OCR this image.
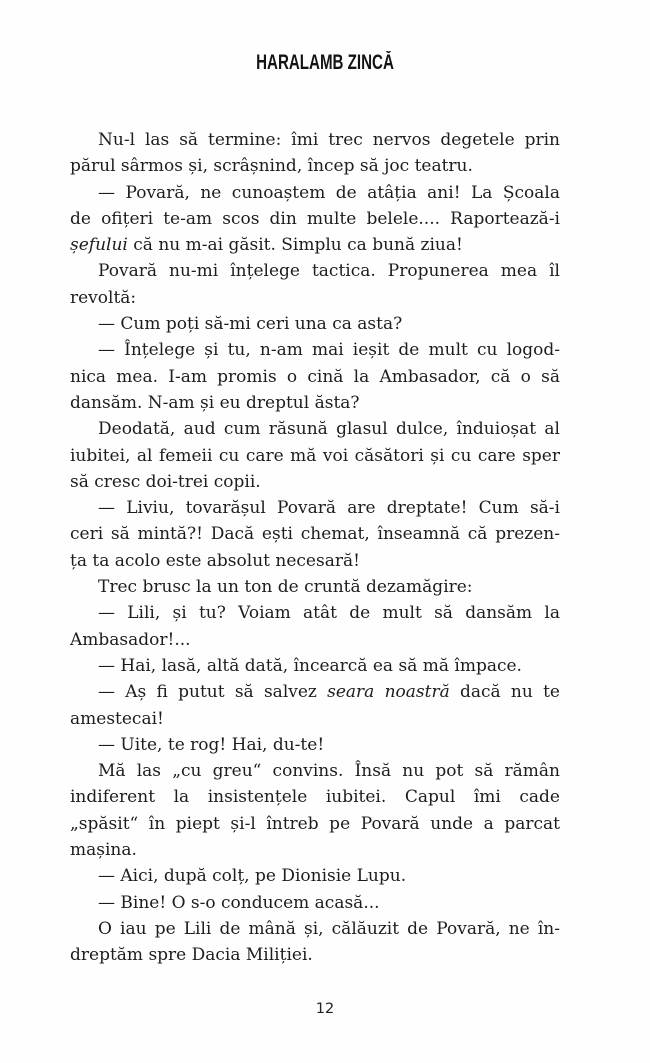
HARALAMB ZINCĂ
Nu-l las să termine: îmi trec nervos degetele prin
părul sârmos și, scrâșnind, încep să joc teatru.
— Povară, ne cunoaștem de atâția ani! La Școala
de ofițeri te-am scos din multe belele.... Raportează-i
șefului că nu m-ai găsit. Simplu ca bună ziua!
Povară nu-mi înțelege tactica. Propunerea mea îl
revoltă:
— Cum poți să-mi ceri una ca asta?
— Înțelege și tu, n-am mai ieșit de mult cu logod-
nica mea. I-am promis o cină la Ambasador, că o să
dansăm. N-am și eu dreptul ăsta?
Deodată, aud cum răsună glasul dulce, înduioșat al
iubitei, al femeii cu care mă voi căsători și cu care sper
să cresc doi-trei copii.
— Liviu, tovarășul Povară are dreptate! Cum să-i
ceri să mintă?! Dacă ești chemat, înseamnă că prezen-
ța ta acolo este absolut necesară!
Trec brusc la un ton de cruntă dezamăgire:
— Lili, și tu? Voiam atât de mult să dansăm la
Ambasador!...
— Hai, lasă, altă dată, încearcă ea să mă împace.
— Aș fi putut să salvez seara noastră dacă nu te
amestecai!
— Uite, te rog! Hai, du-te!
Mă las „cu greu“ convins. Însă nu pot să rămân
indiferent la insistențele iubitei. Capul îmi cade
„spăsit“ în piept și-l întreb pe Povară unde a parcat
mașina.
— Aici, după colț, pe Dionisie Lupu.
— Bine! O s-o conducem acasă...
O iau pe Lili de mână și, călăuzit de Povară, ne în-
dreptăm spre Dacia Miliției.
12
